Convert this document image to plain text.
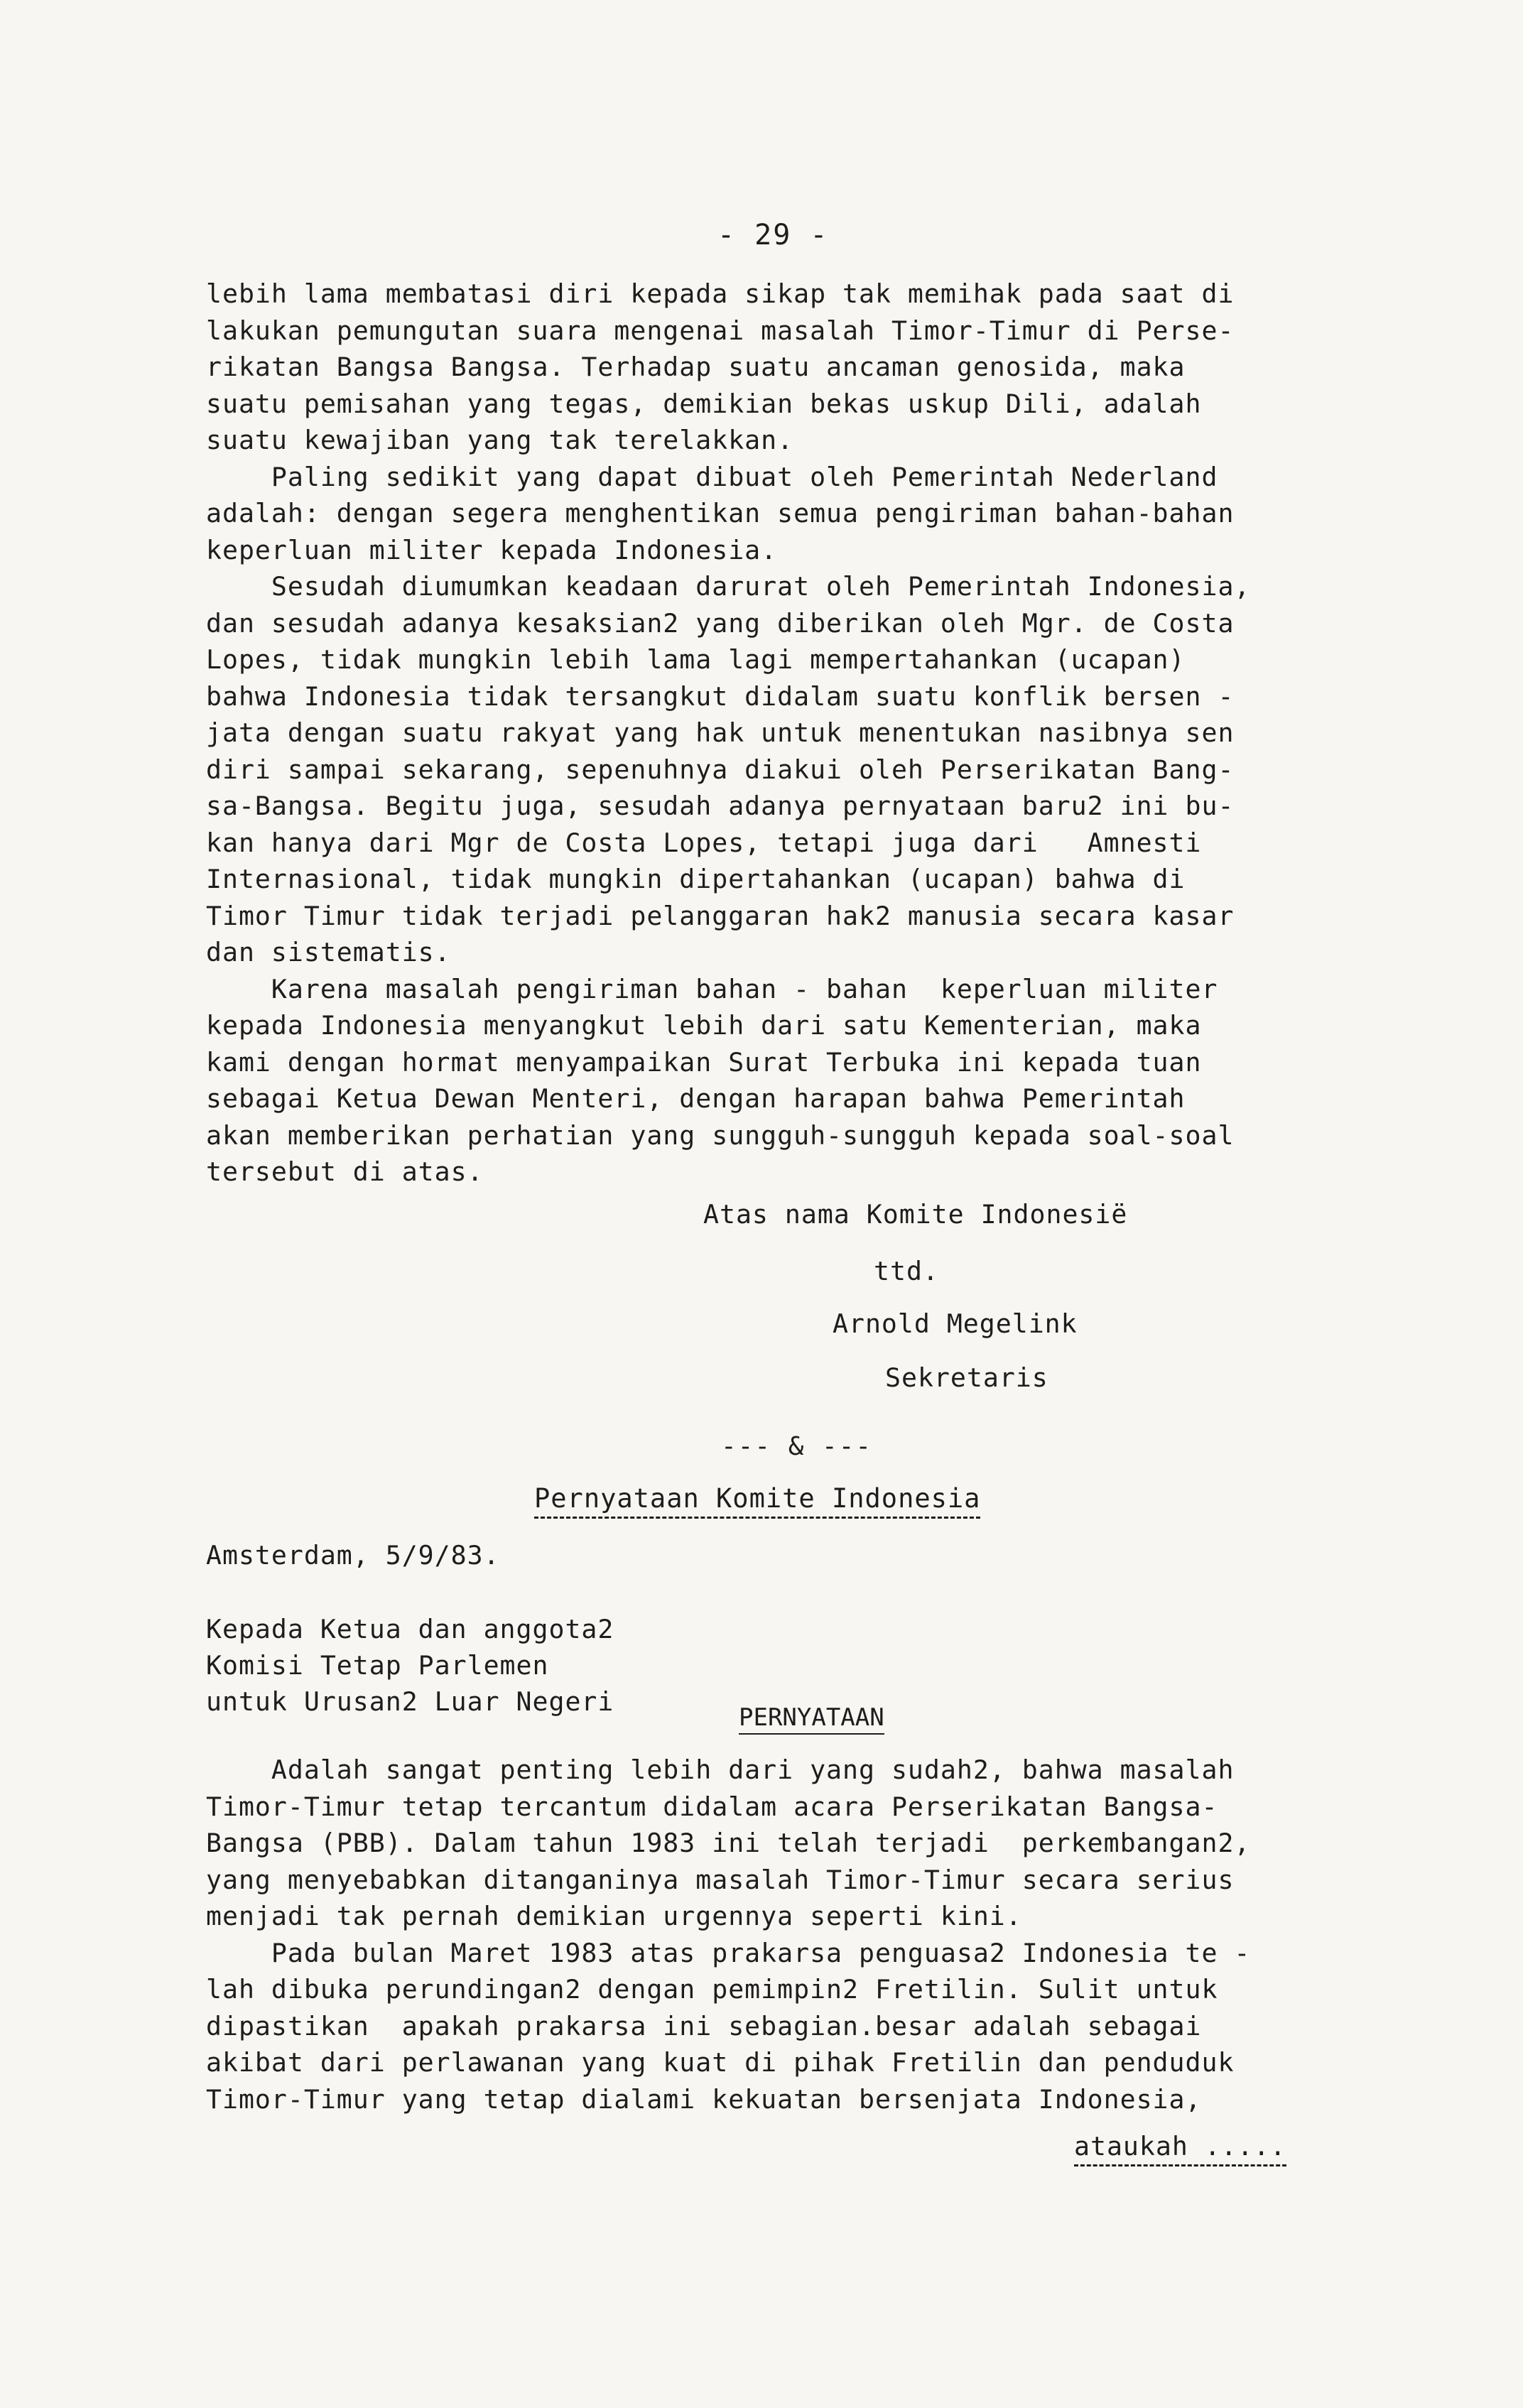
- 29 -
lebih lama membatasi diri kepada sikap tak memihak pada saat di
lakukan pemungutan suara mengenai masalah Timor-Timur di Perse-
rikatan Bangsa Bangsa. Terhadap suatu ancaman genosida, maka
suatu pemisahan yang tegas, demikian bekas uskup Dili, adalah
suatu kewajiban yang tak terelakkan.
Paling sedikit yang dapat dibuat oleh Pemerintah Nederland
adalah: dengan segera menghentikan semua pengiriman bahan-bahan
keperluan militer kepada Indonesia.
Sesudah diumumkan keadaan darurat oleh Pemerintah Indonesia,
dan sesudah adanya kesaksian2 yang diberikan oleh Mgr. de Costa
Lopes, tidak mungkin lebih lama lagi mempertahankan (ucapan)
bahwa Indonesia tidak tersangkut didalam suatu konflik bersen -
jata dengan suatu rakyat yang hak untuk menentukan nasibnya sen
diri sampai sekarang, sepenuhnya diakui oleh Perserikatan Bang-
sa-Bangsa. Begitu juga, sesudah adanya pernyataan baru2 ini bu-
kan hanya dari Mgr de Costa Lopes, tetapi juga dari   Amnesti
Internasional, tidak mungkin dipertahankan (ucapan) bahwa di
Timor Timur tidak terjadi pelanggaran hak2 manusia secara kasar
dan sistematis.
Karena masalah pengiriman bahan - bahan  keperluan militer
kepada Indonesia menyangkut lebih dari satu Kementerian, maka
kami dengan hormat menyampaikan Surat Terbuka ini kepada tuan
sebagai Ketua Dewan Menteri, dengan harapan bahwa Pemerintah
akan memberikan perhatian yang sungguh-sungguh kepada soal-soal
tersebut di atas.
Atas nama Komite Indonesië
ttd.
Arnold Megelink
Sekretaris
--- & ---
Pernyataan Komite Indonesia
Amsterdam, 5/9/83.
Kepada Ketua dan anggota2
Komisi Tetap Parlemen
untuk Urusan2 Luar Negeri
PERNYATAAN
Adalah sangat penting lebih dari yang sudah2, bahwa masalah
Timor-Timur tetap tercantum didalam acara Perserikatan Bangsa-
Bangsa (PBB). Dalam tahun 1983 ini telah terjadi  perkembangan2,
yang menyebabkan ditanganinya masalah Timor-Timur secara serius
menjadi tak pernah demikian urgennya seperti kini.
Pada bulan Maret 1983 atas prakarsa penguasa2 Indonesia te -
lah dibuka perundingan2 dengan pemimpin2 Fretilin. Sulit untuk
dipastikan  apakah prakarsa ini sebagian.besar adalah sebagai
akibat dari perlawanan yang kuat di pihak Fretilin dan penduduk
Timor-Timur yang tetap dialami kekuatan bersenjata Indonesia,
ataukah .....
